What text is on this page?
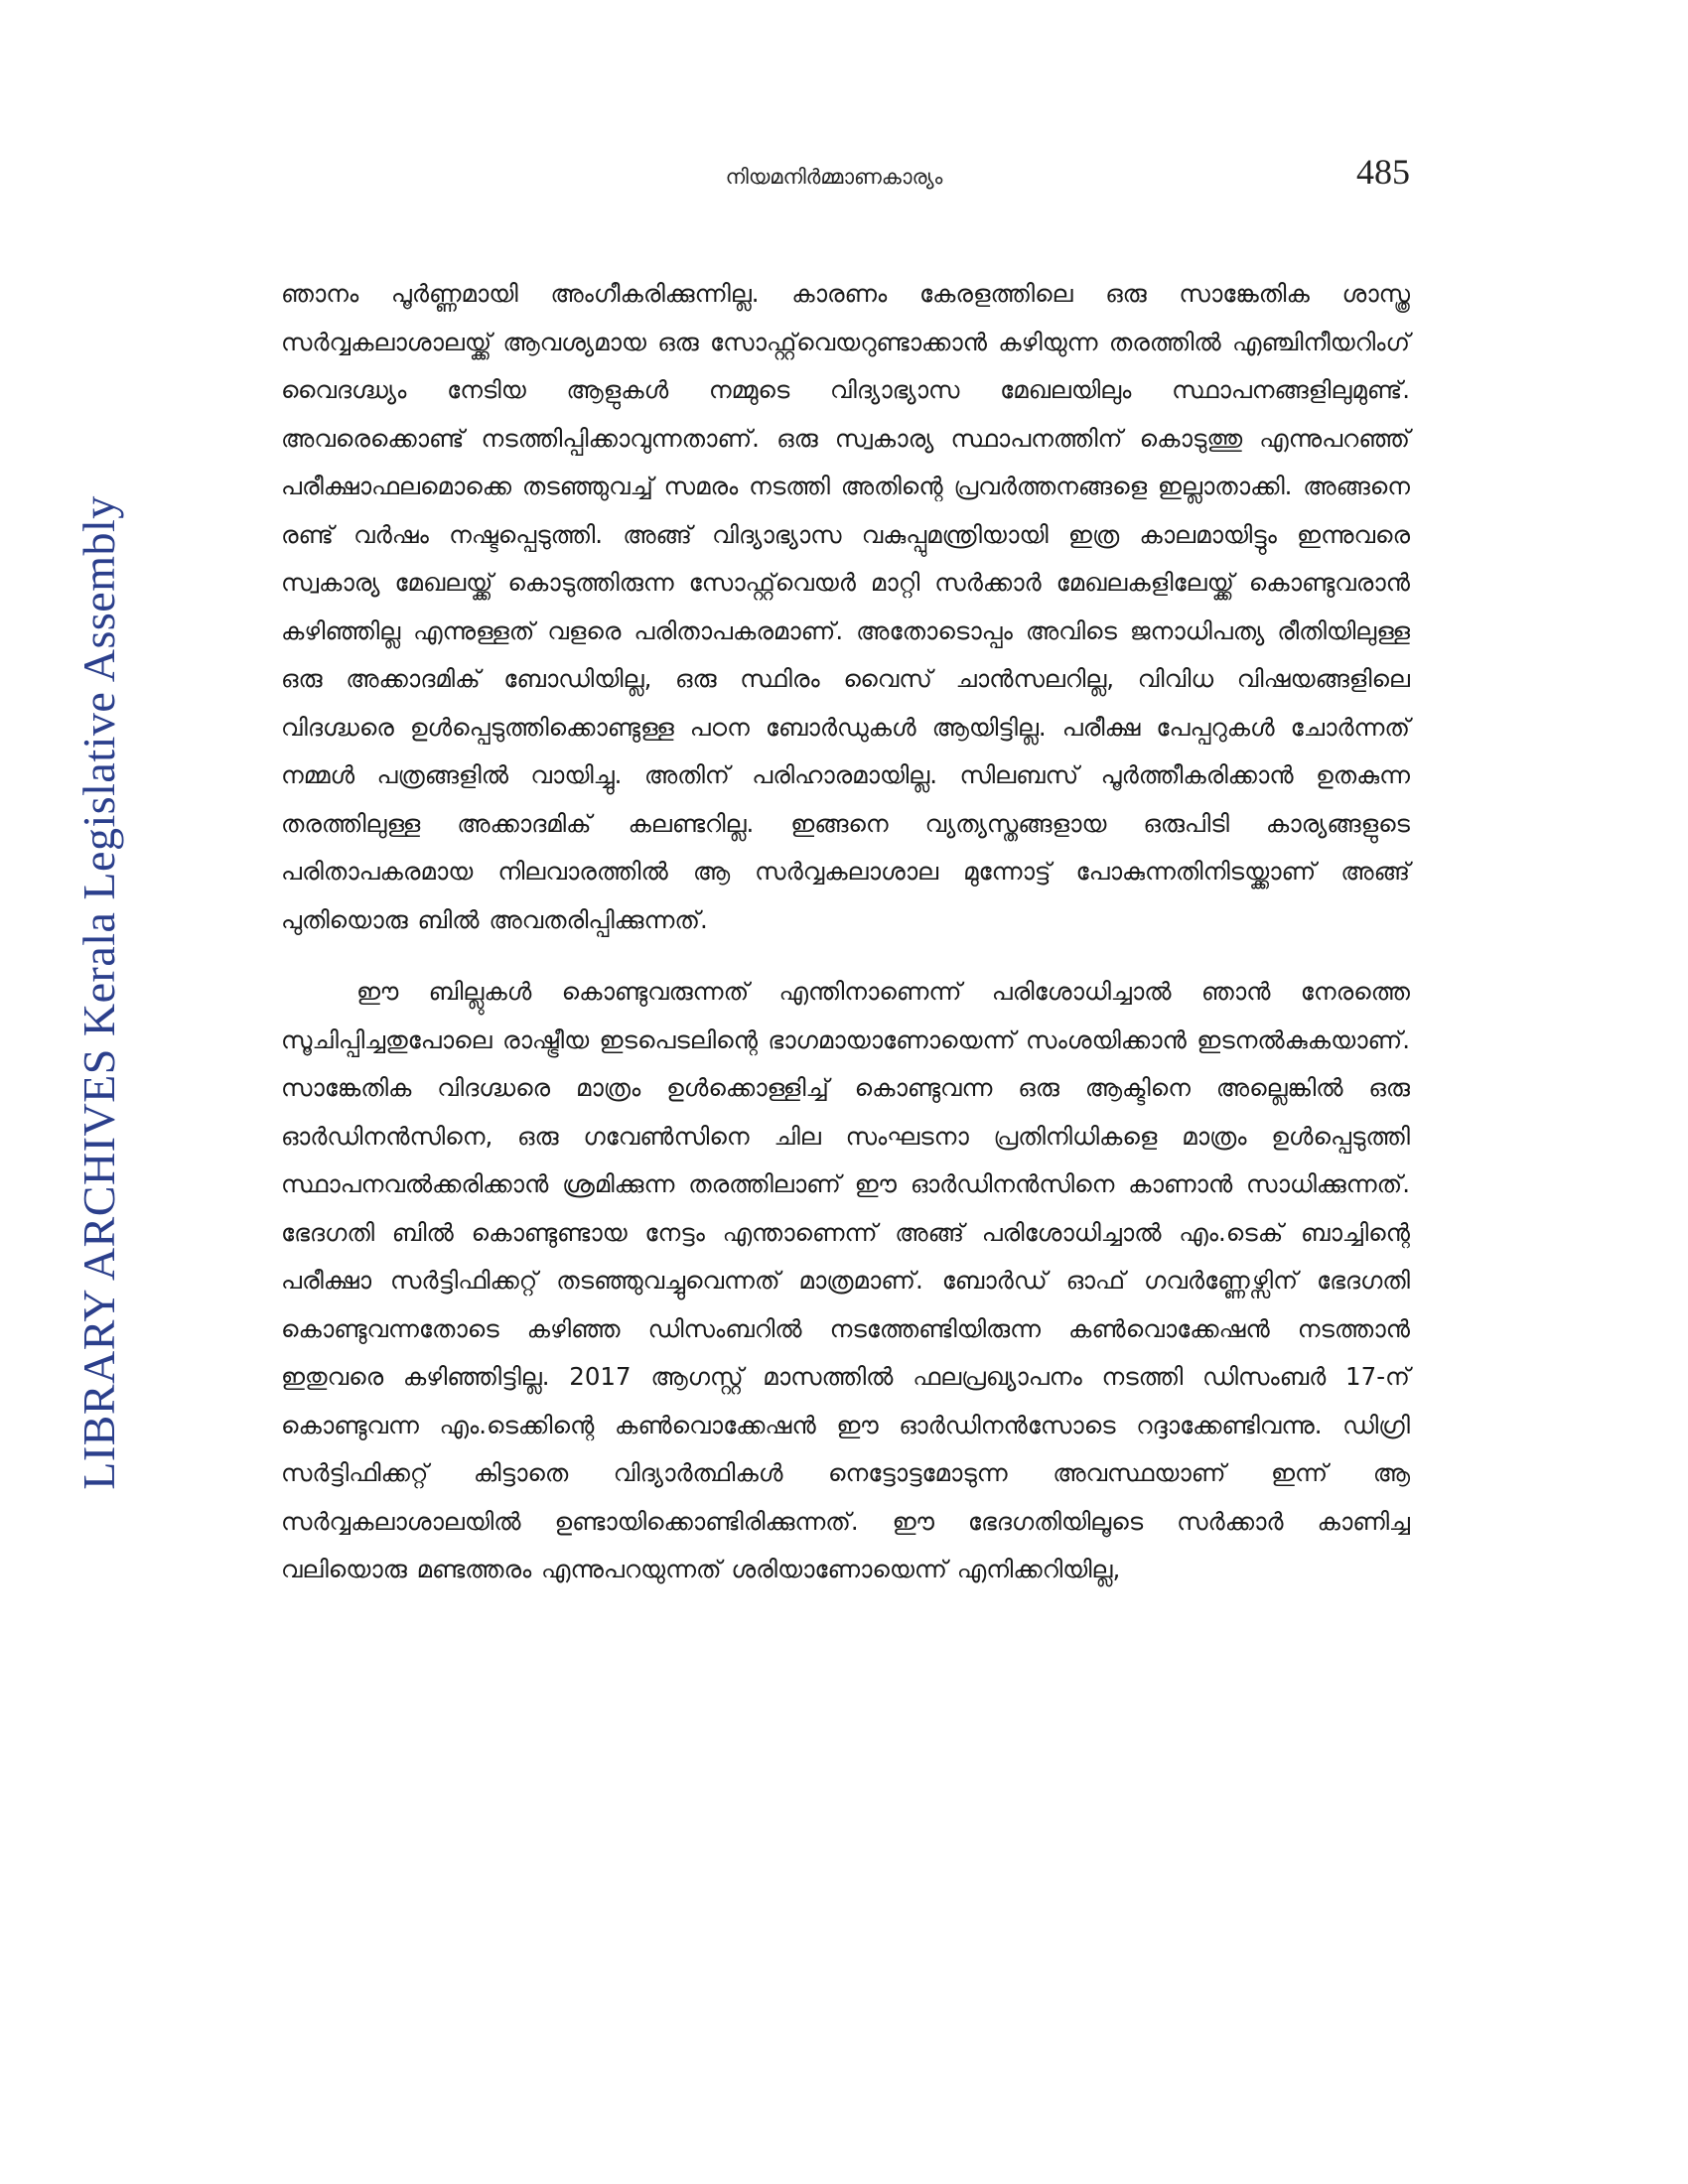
LIBRARY ARCHIVES Kerala Legislative Assembly
നിയമനിർമ്മാണകാര്യം	485

ഞാനം പൂർണ്ണമായി അംഗീകരിക്കുന്നില്ല. കാരണം കേരളത്തിലെ ഒരു സാങ്കേതിക ശാസ്ത്ര സർവ്വകലാശാലയ്ക്ക് ആവശ്യമായ ഒരു സോഫ്റ്റ്‌വെയറുണ്ടാക്കാൻ കഴിയുന്ന തരത്തിൽ എഞ്ചിനീയറിംഗ് വൈദഗ്ദ്ധ്യം നേടിയ ആളുകൾ നമ്മുടെ വിദ്യാഭ്യാസ മേഖലയിലും സ്ഥാപനങ്ങളിലുമുണ്ട്. അവരെക്കൊണ്ട് നടത്തിപ്പിക്കാവുന്നതാണ്. ഒരു സ്വകാര്യ സ്ഥാപനത്തിന് കൊടുത്തു എന്നുപറഞ്ഞ് പരീക്ഷാഫലമൊക്കെ തടഞ്ഞുവച്ച് സമരം നടത്തി അതിന്റെ പ്രവർത്തനങ്ങളെ ഇല്ലാതാക്കി. അങ്ങനെ രണ്ട് വർഷം നഷ്ടപ്പെടുത്തി. അങ്ങ് വിദ്യാഭ്യാസ വകുപ്പുമന്ത്രിയായി ഇത്ര കാലമായിട്ടും ഇന്നുവരെ സ്വകാര്യ മേഖലയ്ക്ക് കൊടുത്തിരുന്ന സോഫ്റ്റ്‌വെയർ മാറ്റി സർക്കാർ മേഖലകളിലേയ്ക്ക് കൊണ്ടുവരാൻ കഴിഞ്ഞില്ല എന്നുള്ളത് വളരെ പരിതാപകരമാണ്. അതോടൊപ്പം അവിടെ ജനാധിപത്യ രീതിയിലുള്ള ഒരു അക്കാദമിക് ബോഡിയില്ല, ഒരു സ്ഥിരം വൈസ് ചാൻസലറില്ല, വിവിധ വിഷയങ്ങളിലെ വിദഗ്ദ്ധരെ ഉൾപ്പെടുത്തിക്കൊണ്ടുള്ള പഠന ബോർഡുകൾ ആയിട്ടില്ല. പരീക്ഷ പേപ്പറുകൾ ചോർന്നത് നമ്മൾ പത്രങ്ങളിൽ വായിച്ചു. അതിന് പരിഹാരമായില്ല. സിലബസ് പൂർത്തീകരിക്കാൻ ഉതകുന്ന തരത്തിലുള്ള അക്കാദമിക് കലണ്ടറില്ല. ഇങ്ങനെ വ്യത്യസ്തങ്ങളായ ഒരുപിടി കാര്യങ്ങളുടെ പരിതാപകരമായ നിലവാരത്തിൽ ആ സർവ്വകലാശാല മുന്നോട്ട് പോകുന്നതിനിടയ്ക്കാണ് അങ്ങ് പുതിയൊരു ബിൽ അവതരിപ്പിക്കുന്നത്.

ഈ ബില്ലുകൾ കൊണ്ടുവരുന്നത് എന്തിനാണെന്ന് പരിശോധിച്ചാൽ ഞാൻ നേരത്തെ സൂചിപ്പിച്ചതുപോലെ രാഷ്ട്രീയ ഇടപെടലിന്റെ ഭാഗമായാണോയെന്ന് സംശയിക്കാൻ ഇടനൽകുകയാണ്. സാങ്കേതിക വിദഗ്ദ്ധരെ മാത്രം ഉൾക്കൊള്ളിച്ച് കൊണ്ടുവന്ന ഒരു ആക്ടിനെ അല്ലെങ്കിൽ ഒരു ഓർഡിനൻസിനെ, ഒരു ഗവേൺസിനെ ചില സംഘടനാ പ്രതിനിധികളെ മാത്രം ഉൾപ്പെടുത്തി സ്ഥാപനവൽക്കരിക്കാൻ ശ്രമിക്കുന്ന തരത്തിലാണ് ഈ ഓർഡിനൻസിനെ കാണാൻ സാധിക്കുന്നത്. ഭേദഗതി ബിൽ കൊണ്ടുണ്ടായ നേട്ടം എന്താണെന്ന് അങ്ങ് പരിശോധിച്ചാൽ എം.ടെക് ബാച്ചിന്റെ പരീക്ഷാ സർട്ടിഫിക്കറ്റ് തടഞ്ഞുവച്ചുവെന്നത് മാത്രമാണ്. ബോർഡ് ഓഫ് ഗവർണ്ണേഴ്സിന് ഭേദഗതി കൊണ്ടുവന്നതോടെ കഴിഞ്ഞ ഡിസംബറിൽ നടത്തേണ്ടിയിരുന്ന കൺവൊക്കേഷൻ നടത്താൻ ഇതുവരെ കഴിഞ്ഞിട്ടില്ല. 2017 ആഗസ്റ്റ് മാസത്തിൽ ഫലപ്രഖ്യാപനം നടത്തി ഡിസംബർ 17-ന് കൊണ്ടുവന്ന എം.ടെക്കിന്റെ കൺവൊക്കേഷൻ ഈ ഓർഡിനൻസോടെ റദ്ദാക്കേണ്ടിവന്നു. ഡിഗ്രി സർട്ടിഫിക്കറ്റ് കിട്ടാതെ വിദ്യാർത്ഥികൾ നെട്ടോട്ടമോടുന്ന അവസ്ഥയാണ് ഇന്ന് ആ സർവ്വകലാശാലയിൽ ഉണ്ടായിക്കൊണ്ടിരിക്കുന്നത്. ഈ ഭേദഗതിയിലൂടെ സർക്കാർ കാണിച്ച വലിയൊരു മണ്ടത്തരം എന്നുപറയുന്നത് ശരിയാണോയെന്ന് എനിക്കറിയില്ല,
